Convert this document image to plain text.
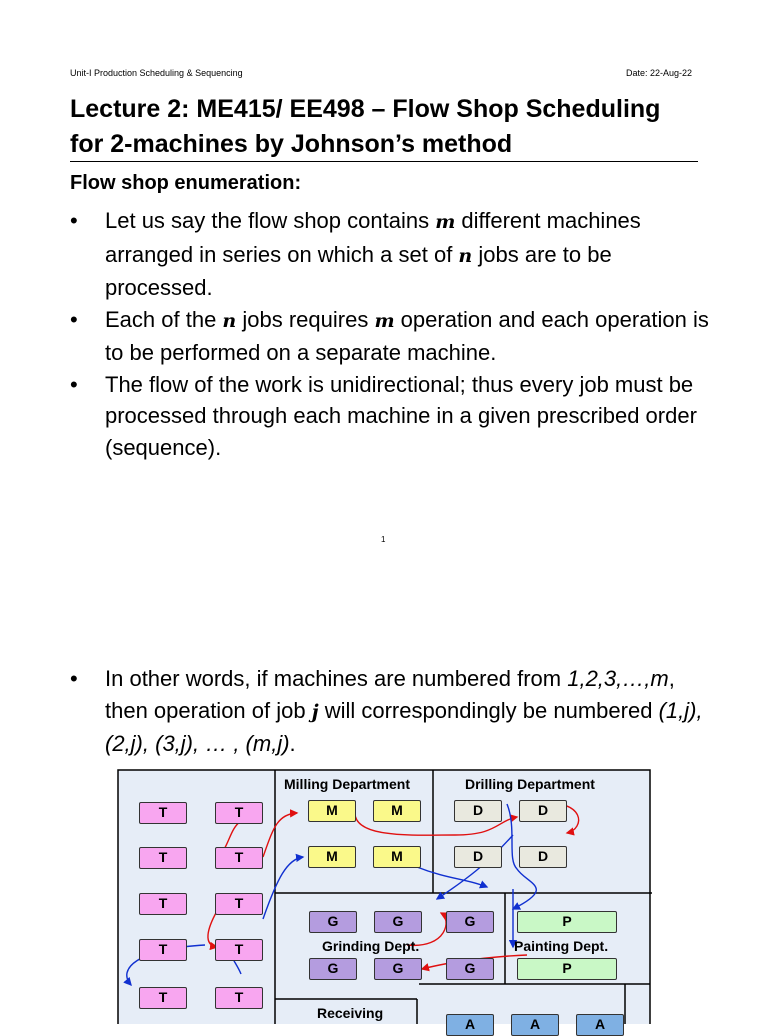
Unit-I Production Scheduling & Sequencing	Date: 22-Aug-22
Lecture 2: ME415/ EE498 – Flow Shop Scheduling
for 2-machines by Johnson’s method
Flow shop enumeration:
• Let us say the flow shop contains m different machines arranged in series on which a set of n jobs are to be processed.
• Each of the n jobs requires m operation and each operation is to be performed on a separate machine.
• The flow of the work is unidirectional; thus every job must be processed through each machine in a given prescribed order (sequence).
1
• In other words, if machines are numbered from 1,2,3,…,m, then operation of job j will correspondingly be numbered (1,j), (2,j), (3,j), … , (m,j).
Milling Department	Drilling Department
Grinding Dept.	Painting Dept.
Receiving
T
T
T
T
T
T
T
T
T
T
M	M
M	M
D	D
D	D
G	G	G
G	G	G
P
P
A	A	A
